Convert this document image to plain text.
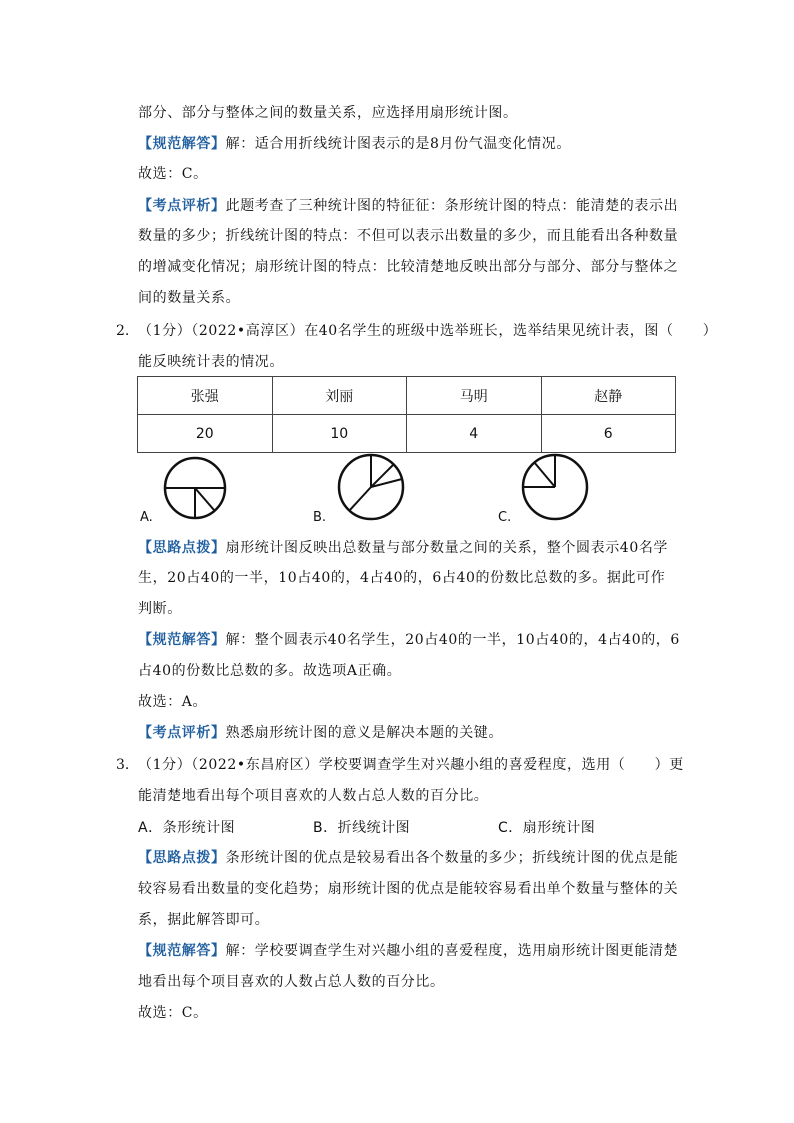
部分、部分与整体之间的数量关系，应选择用扇形统计图。
【规范解答】解：适合用折线统计图表示的是8月份气温变化情况。
故选：C。
【考点评析】此题考查了三种统计图的特征征：条形统计图的特点：能清楚的表示出
数量的多少；折线统计图的特点：不但可以表示出数量的多少，而且能看出各种数量
的增减变化情况；扇形统计图的特点：比较清楚地反映出部分与部分、部分与整体之
间的数量关系。
2. （1分）（2022•高淳区）在40名学生的班级中选举班长，选举结果见统计表，图（　　）
能反映统计表的情况。
张强	刘丽	马明	赵静
20	10	4	6
A.	B.	C.
【思路点拨】扇形统计图反映出总数量与部分数量之间的关系，整个圆表示40名学
生，20占40的一半，10占40的，4占40的，6占40的份数比总数的多。据此可作
判断。
【规范解答】解：整个圆表示40名学生，20占40的一半，10占40的，4占40的，6
占40的份数比总数的多。故选项A正确。
故选：A。
【考点评析】熟悉扇形统计图的意义是解决本题的关键。
3. （1分）（2022•东昌府区）学校要调查学生对兴趣小组的喜爱程度，选用（　　）更
能清楚地看出每个项目喜欢的人数占总人数的百分比。
A．条形统计图	B．折线统计图	C．扇形统计图
【思路点拨】条形统计图的优点是较易看出各个数量的多少；折线统计图的优点是能
较容易看出数量的变化趋势；扇形统计图的优点是能较容易看出单个数量与整体的关
系，据此解答即可。
【规范解答】解：学校要调查学生对兴趣小组的喜爱程度，选用扇形统计图更能清楚
地看出每个项目喜欢的人数占总人数的百分比。
故选：C。
